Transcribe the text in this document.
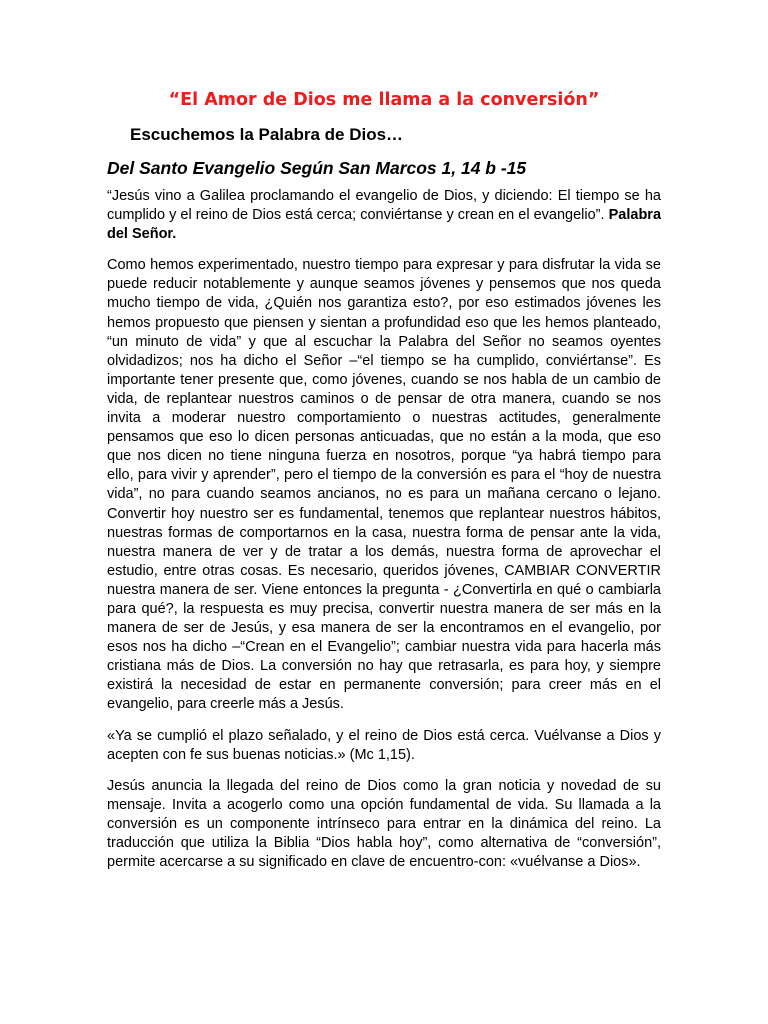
“El Amor de Dios me llama a la conversión”
Escuchemos la Palabra de Dios…
Del Santo Evangelio Según San Marcos 1, 14 b -15

“Jesús vino a Galilea proclamando el evangelio de Dios, y diciendo: El tiempo se ha cumplido y el reino de Dios está cerca; conviértanse y crean en el evangelio”. Palabra del Señor.

Como hemos experimentado, nuestro tiempo para expresar y para disfrutar la vida se puede reducir notablemente y aunque seamos jóvenes y pensemos que nos queda mucho tiempo de vida, ¿Quién nos garantiza esto?, por eso estimados jóvenes les hemos propuesto que piensen y sientan a profundidad eso que les hemos planteado, “un minuto de vida” y que al escuchar la Palabra del Señor no seamos oyentes olvidadizos; nos ha dicho el Señor –“el tiempo se ha cumplido, conviértanse”. Es importante tener presente que, como jóvenes, cuando se nos habla de un cambio de vida, de replantear nuestros caminos o de pensar de otra manera, cuando se nos invita a moderar nuestro comportamiento o nuestras actitudes, generalmente pensamos que eso lo dicen personas anticuadas, que no están a la moda, que eso que nos dicen no tiene ninguna fuerza en nosotros, porque “ya habrá tiempo para ello, para vivir y aprender”, pero el tiempo de la conversión es para el “hoy de nuestra vida”, no para cuando seamos ancianos, no es para un mañana cercano o lejano. Convertir hoy nuestro ser es fundamental, tenemos que replantear nuestros hábitos, nuestras formas de comportarnos en la casa, nuestra forma de pensar ante la vida, nuestra manera de ver y de tratar a los demás, nuestra forma de aprovechar el estudio, entre otras cosas. Es necesario, queridos jóvenes, CAMBIAR CONVERTIR nuestra manera de ser. Viene entonces la pregunta - ¿Convertirla en qué o cambiarla para qué?, la respuesta es muy precisa, convertir nuestra manera de ser más en la manera de ser de Jesús, y esa manera de ser la encontramos en el evangelio, por esos nos ha dicho –“Crean en el Evangelio”; cambiar nuestra vida para hacerla más cristiana más de Dios. La conversión no hay que retrasarla, es para hoy, y siempre existirá la necesidad de estar en permanente conversión; para creer más en el evangelio, para creerle más a Jesús.

«Ya se cumplió el plazo señalado, y el reino de Dios está cerca. Vuélvanse a Dios y acepten con fe sus buenas noticias.» (Mc 1,15).

Jesús anuncia la llegada del reino de Dios como la gran noticia y novedad de su mensaje. Invita a acogerlo como una opción fundamental de vida. Su llamada a la conversión es un componente intrínseco para entrar en la dinámica del reino. La traducción que utiliza la Biblia “Dios habla hoy”, como alternativa de “conversión”, permite acercarse a su significado en clave de encuentro-con: «vuélvanse a Dios».
